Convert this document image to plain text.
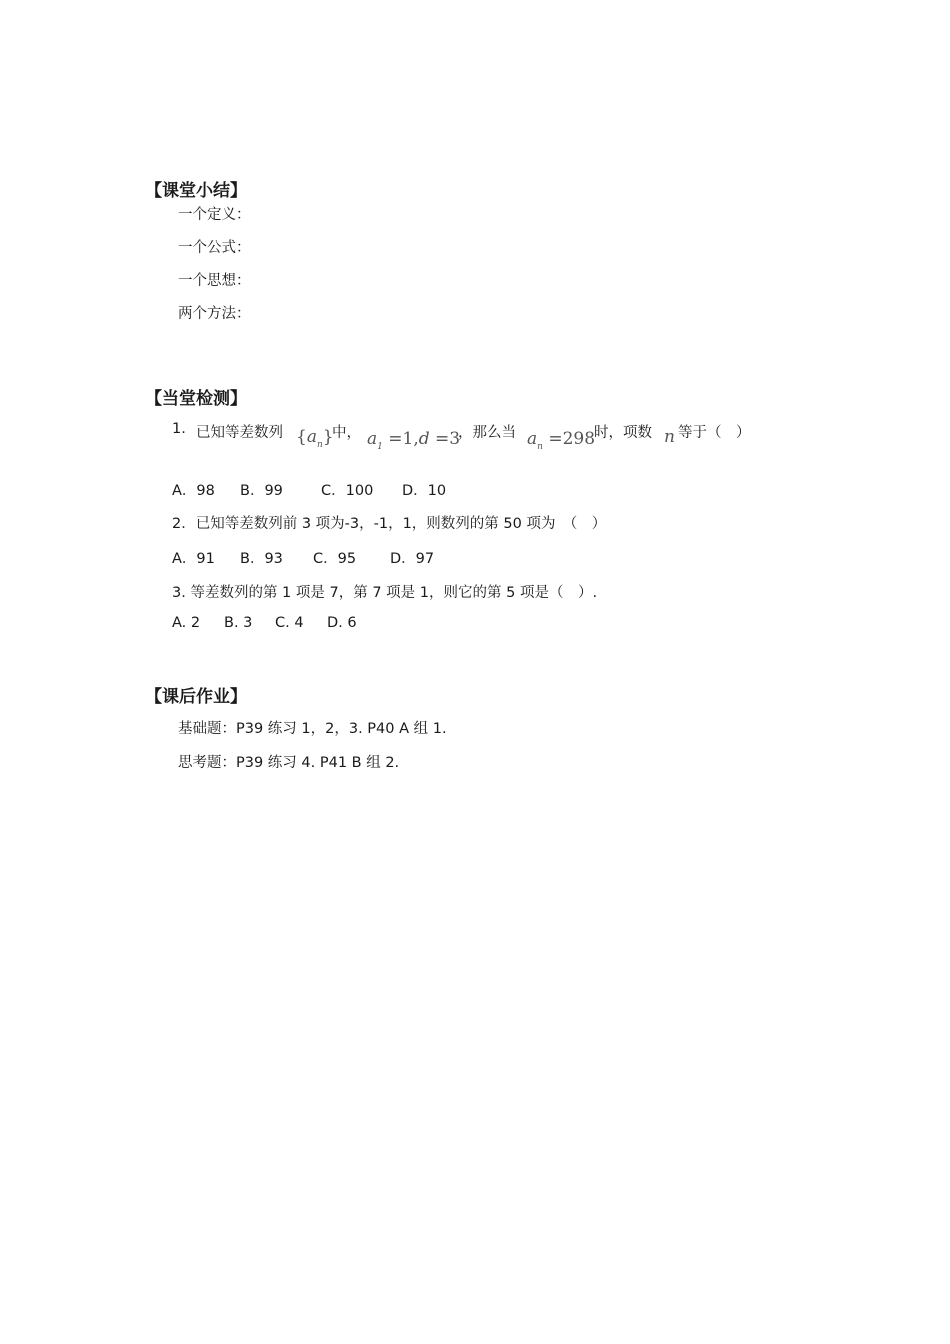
【课堂小结】
一个定义：
一个公式：
一个思想：
两个方法：
【当堂检测】
1. 已知等差数列 $\{a_n\}$
中， $a_1 =1,d =3$
，那么当 $a_n =298$
时，项数 n 等于（　）
A．98 B．99	C．100 D．10
2．已知等差数列前 3 项为-3，-1，1，则数列的第 50 项为　（　）
A．91 B．93 C．95 D．97
3. 等差数列的第 1 项是 7，第 7 项是 1，则它的第 5 项是（　）.
A. 2 B. 3 C. 4 D. 6
【课后作业】
基础题：P39 练习 1，2，3. P40 A 组 1.
思考题：P39 练习 4. P41 B 组 2.
